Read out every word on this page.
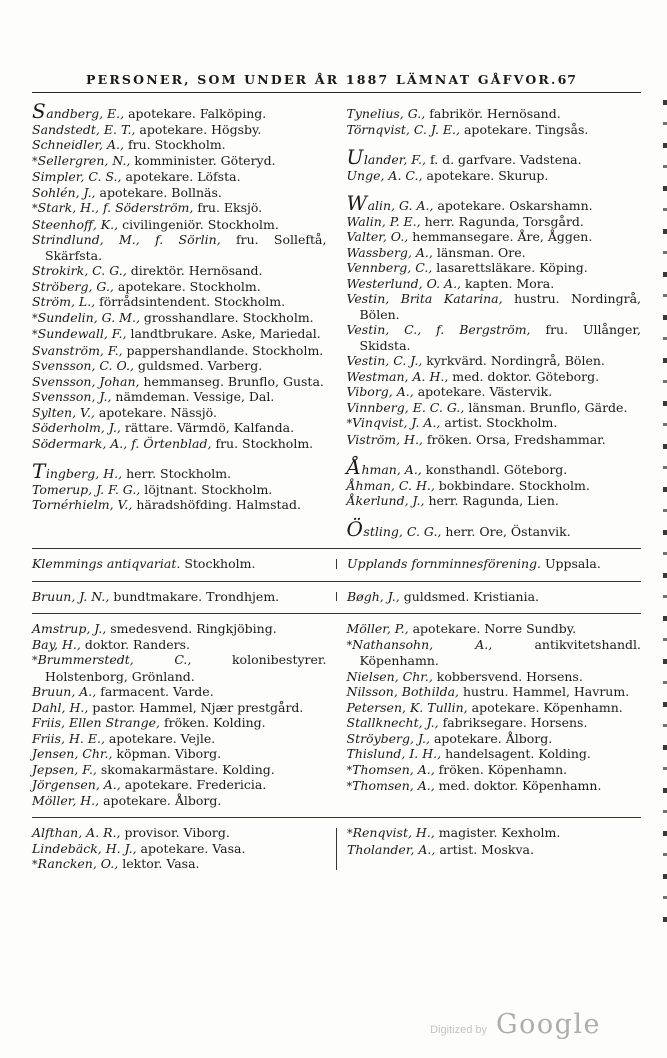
PERSONER, SOM UNDER ÅR 1887 LÄMNAT GÅFVOR. 67

Sandberg, E., apotekare. Falköping.

Sandstedt, E. T., apotekare. Högsby.

Schneidler, A., fru. Stockholm.

*Sellergren, N., komminister. Göteryd.

Simpler, C. S., apotekare. Löfsta.

Sohlén, J., apotekare. Bollnäs.

*Stark, H., f. Söderström, fru. Eksjö.

Steenhoff, K., civilingeniör. Stockholm.

Strindlund, M., f. Sörlin, fru. Solleftå, Skärfsta.

Strokirk, C. G., direktör. Hernösand.

Ströberg, G., apotekare. Stockholm.

Ström, L., förrådsintendent. Stockholm.

*Sundelin, G. M., grosshandlare. Stockholm.

*Sundewall, F., landtbrukare. Aske, Mariedal.

Svanström, F., pappershandlande. Stockholm.

Svensson, C. O., guldsmed. Varberg.

Svensson, Johan, hemmanseg. Brunflo, Gusta.

Svensson, J., nämdeman. Vessige, Dal.

Sylten, V., apotekare. Nässjö.

Söderholm, J., rättare. Värmdö, Kalfanda.

Södermark, A., f. Örtenblad, fru. Stockholm.

Tingberg, H., herr. Stockholm.

Tomerup, J. F. G., löjtnant. Stockholm.

Tornérhielm, V., häradshöfding. Halmstad.

Tynelius, G., fabrikör. Hernösand.

Törnqvist, C. J. E., apotekare. Tingsås.

Ulander, F., f. d. garfvare. Vadstena.

Unge, A. C., apotekare. Skurup.

Walin, G. A., apotekare. Oskarshamn.

Walin, P. E., herr. Ragunda, Torsgård.

Valter, O., hemmansegare. Åre, Åggen.

Wassberg, A., länsman. Ore.

Vennberg, C., lasarettsläkare. Köping.

Westerlund, O. A., kapten. Mora.

Vestin, Brita Katarina, hustru. Nordingrå, Bölen.

Vestin, C., f. Bergström, fru. Ullånger, Skidsta.

Vestin, C. J., kyrkvärd. Nordingrå, Bölen.

Westman, A. H., med. doktor. Göteborg.

Viborg, A., apotekare. Västervik.

Vinnberg, E. C. G., länsman. Brunflo, Gärde.

*Vinqvist, J. A., artist. Stockholm.

Viström, H., fröken. Orsa, Fredshammar.

Åhman, A., konsthandl. Göteborg.

Åhman, C. H., bokbindare. Stockholm.

Åkerlund, J., herr. Ragunda, Lien.

Östling, C. G., herr. Ore, Östanvik.

Klemmings antiqvariat. Stockholm.	Upplands fornminnesförening. Uppsala.

Bruun, J. N., bundtmakare. Trondhjem.	Bøgh, J., guldsmed. Kristiania.

Amstrup, J., smedesvend. Ringkjöbing.

Bay, H., doktor. Randers.

*Brummerstedt, C.,	kolonibestyrer. Holstenborg, Grönland.

Bruun, A., farmacent. Varde.

Dahl, H., pastor. Hammel, Njær prestgård.

Friis, Ellen Strange, fröken. Kolding.

Friis, H. E., apotekare. Vejle.

Jensen, Chr., köpman. Viborg.

Jepsen, F., skomakarmästare. Kolding.

Jörgensen, A., apotekare. Fredericia.

Möller, H., apotekare. Ålborg.

Möller, P., apotekare. Norre Sundby.

*Nathansohn, A.,	antikvitetshandl. Köpenhamn.

Nielsen, Chr., kobbersvend. Horsens.

Nilsson, Bothilda, hustru. Hammel, Havrum.

Petersen, K. Tullin, apotekare. Köpenhamn.

Stallknecht, J., fabriksegare. Horsens.

Ströyberg, J., apotekare. Ålborg.

Thislund, I. H., handelsagent. Kolding.

*Thomsen, A., fröken. Köpenhamn.

*Thomsen, A., med. doktor. Köpenhamn.

Alfthan, A. R., provisor. Viborg.

Lindebäck, H. J., apotekare. Vasa.

*Rancken, O., lektor. Vasa.

*Renqvist, H., magister. Kexholm.

Tholander, A., artist. Moskva.

Digitized by Google
